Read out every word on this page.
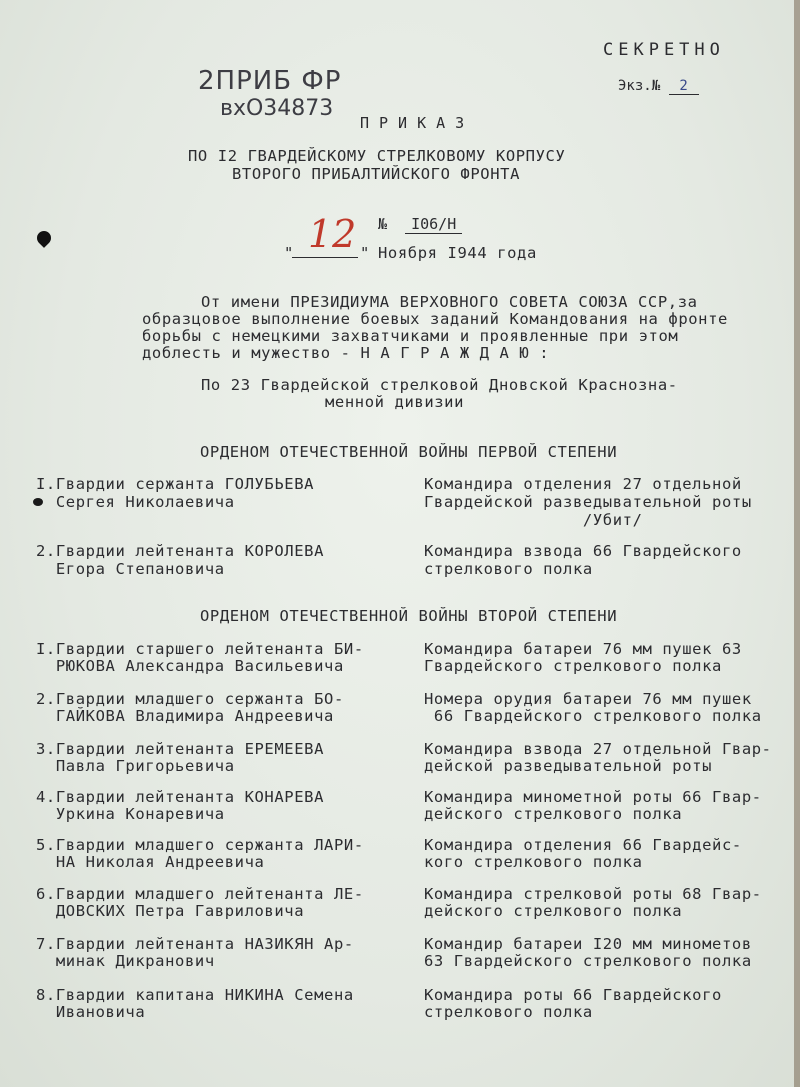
СЕКРЕТНО
Экз.№ 2
2ПРИБ ФР
вхО34873
ПРИКАЗ
ПО I2 ГВАРДЕЙСКОМУ СТРЕЛКОВОМУ КОРПУСУ
ВТОРОГО ПРИБАЛТИЙСКОГО ФРОНТА
№ I06/Н
12
"	" Ноября I944 года
От имени ПРЕЗИДИУМА ВЕРХОВНОГО СОВЕТА СОЮЗА ССР,за
образцовое выполнение боевых заданий Командования на фронте
борьбы с немецкими захватчиками и проявленные при этом
доблесть и мужество - Н А Г Р А Ж Д А Ю :
По 23 Гвардейской стрелковой Дновской Краснозна-
менной дивизии
ОРДЕНОМ ОТЕЧЕСТВЕННОЙ ВОЙНЫ ПЕРВОЙ СТЕПЕНИ
I.Гвардии сержанта ГОЛУБЬЕВА
Сергея Николаевича
Командира отделения 27 отдельной
Гвардейской разведывательной роты
/Убит/
2.Гвардии лейтенанта КОРОЛЕВА
Егора Степановича
Командира взвода 66 Гвардейского
стрелкового полка
ОРДЕНОМ ОТЕЧЕСТВЕННОЙ ВОЙНЫ ВТОРОЙ СТЕПЕНИ
I.Гвардии старшего лейтенанта БИ-
РЮКОВА Александра Васильевича
Командира батареи 76 мм пушек 63
Гвардейского стрелкового полка
2.Гвардии младшего сержанта БО-
ГАЙКОВА Владимира Андреевича
Номера орудия батареи 76 мм пушек
66 Гвардейского стрелкового полка
3.Гвардии лейтенанта ЕРЕМЕЕВА
Павла Григорьевича
Командира взвода 27 отдельной Гвар-
дейской разведывательной роты
4.Гвардии лейтенанта КОНАРЕВА
Уркина Конаревича
Командира минометной роты 66 Гвар-
дейского стрелкового полка
5.Гвардии младшего сержанта ЛАРИ-
НА Николая Андреевича
Командира отделения 66 Гвардейс-
кого стрелкового полка
6.Гвардии младшего лейтенанта ЛЕ-
ДОВСКИХ Петра Гавриловича
Командира стрелковой роты 68 Гвар-
дейского стрелкового полка
7.Гвардии лейтенанта НАЗИКЯН Ар-
минак Дикранович
Командир батареи I20 мм минометов
63 Гвардейского стрелкового полка
8.Гвардии капитана НИКИНА Семена
Ивановича
Командира роты 66 Гвардейского
стрелкового полка
